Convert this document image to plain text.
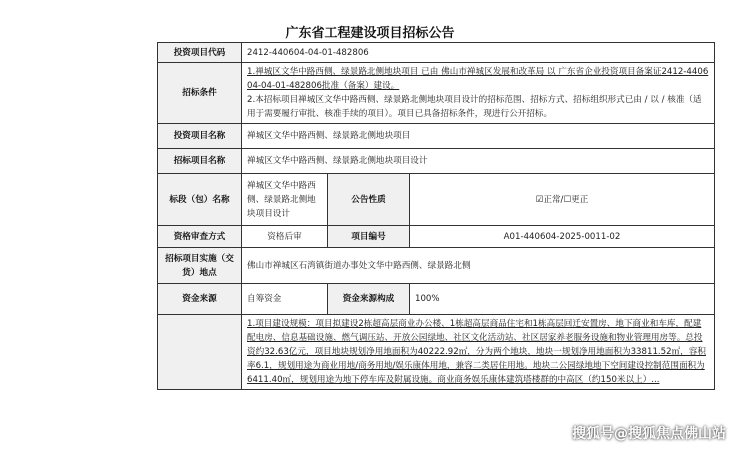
广东省工程建设项目招标公告
投资项目代码	2412-440604-04-01-482806		
招标条件	1.禅城区文华中路西侧、绿景路北侧地块项目 已由 佛山市禅城区发展和改革局 以 广东省企业投资项目备案证2412-440604-04-01-482806批准（备案）建设。

2.本招标项目禅城区文华中路西侧、绿景路北侧地块项目设计的招标范围、招标方式、招标组织形式已由 / 以 / 核准（适用于需要履行审批、核准手续的项目）。项目已具备招标条件，现进行公开招标。		

投资项目名称	禅城区文华中路西侧、绿景路北侧地块项目		
招标项目名称	禅城区文华中路西侧、绿景路北侧地块项目设计		
标段（包）名称	禅城区文华中路西侧、绿景路北侧地块项目设计	公告性质	☑正常/☐更正
资格审查方式	资格后审	项目编号	A01-440604-2025-0011-02
招标项目实施（交货）地点	佛山市禅城区石湾镇街道办事处文华中路西侧、绿景路北侧		
资金来源	自筹资金	资金来源构成	100%
	1.项目建设规模：项目拟建设2栋超高层商业办公楼、1栋超高层商品住宅和1栋高层回迁安置房、地下商业和车库，配建配电房、信息基础设施、燃气调压站、开放公园绿地、社区文化活动站、社区居家养老服务设施和物业管理用房等。总投资约32.63亿元，项目地块规划净用地面积为40222.92㎡，分为两个地块，地块一规划净用地面积为33811.52㎡，容积率6.1，规划用途为商业用地/商务用地/娱乐康体用地，兼容二类居住用地。地块二公园绿地地下空间建设控制范围面积为6411.40㎡，规划用途为地下停车库及附属设施。商业商务娱乐康体建筑塔楼群的中高区（约150米以上）...		
搜狐号@搜狐焦点佛山站
